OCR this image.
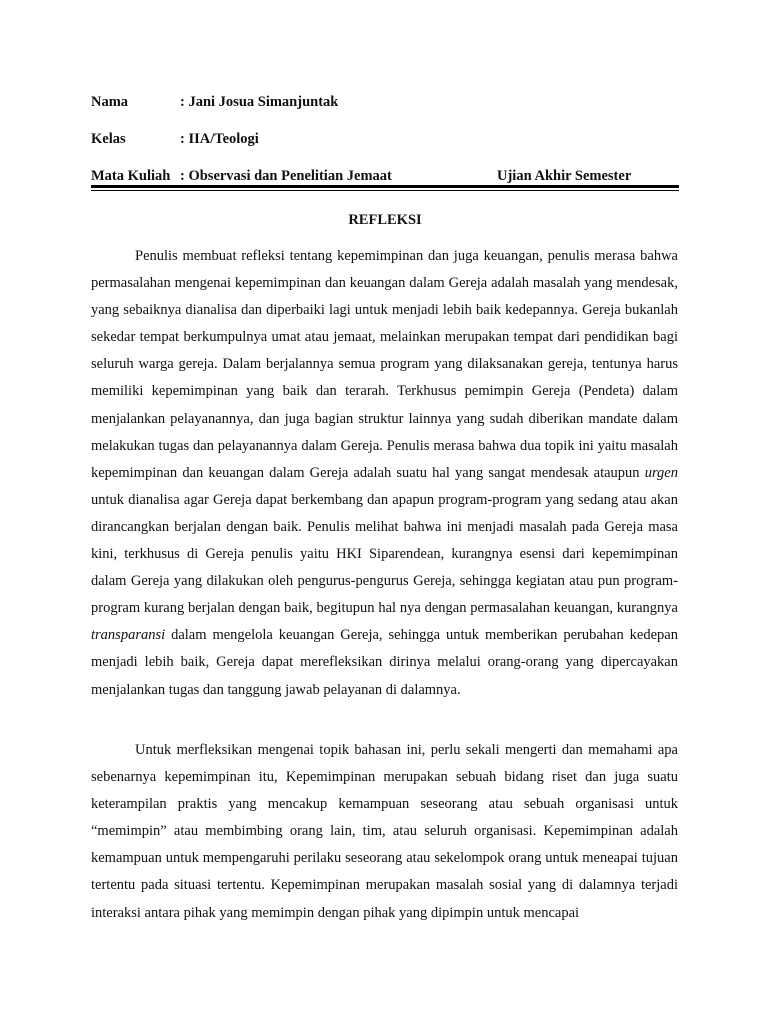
Nama	: Jani Josua Simanjuntak
Kelas	: IIA/Teologi
Mata Kuliah : Observasi dan Penelitian Jemaat	Ujian Akhir Semester
REFLEKSI

Penulis membuat refleksi tentang kepemimpinan dan juga keuangan, penulis merasa bahwa permasalahan mengenai kepemimpinan dan keuangan dalam Gereja adalah masalah yang mendesak, yang sebaiknya dianalisa dan diperbaiki lagi untuk menjadi lebih baik kedepannya. Gereja bukanlah sekedar tempat berkumpulnya umat atau jemaat, melainkan merupakan tempat dari pendidikan bagi seluruh warga gereja. Dalam berjalannya semua program yang dilaksanakan gereja, tentunya harus memiliki kepemimpinan yang baik dan terarah. Terkhusus pemimpin Gereja (Pendeta) dalam menjalankan pelayanannya, dan juga bagian struktur lainnya yang sudah diberikan mandate dalam melakukan tugas dan pelayanannya dalam Gereja. Penulis merasa bahwa dua topik ini yaitu masalah kepemimpinan dan keuangan dalam Gereja adalah suatu hal yang sangat mendesak ataupun urgen untuk dianalisa agar Gereja dapat berkembang dan apapun program-program yang sedang atau akan dirancangkan berjalan dengan baik. Penulis melihat bahwa ini menjadi masalah pada Gereja masa kini, terkhusus di Gereja penulis yaitu HKI Siparendean, kurangnya esensi dari kepemimpinan dalam Gereja yang dilakukan oleh pengurus-pengurus Gereja, sehingga kegiatan atau pun program-program kurang berjalan dengan baik, begitupun hal nya dengan permasalahan keuangan, kurangnya transparansi dalam mengelola keuangan Gereja, sehingga untuk memberikan perubahan kedepan menjadi lebih baik, Gereja dapat merefleksikan dirinya melalui orang-orang yang dipercayakan menjalankan tugas dan tanggung jawab pelayanan di dalamnya.

Untuk merfleksikan mengenai topik bahasan ini, perlu sekali mengerti dan memahami apa sebenarnya kepemimpinan itu, Kepemimpinan merupakan sebuah bidang riset dan juga suatu keterampilan praktis yang mencakup kemampuan seseorang atau sebuah organisasi untuk “memimpin” atau membimbing orang lain, tim, atau seluruh organisasi. Kepemimpinan adalah kemampuan untuk mempengaruhi perilaku seseorang atau sekelompok orang untuk meneapai tujuan tertentu pada situasi tertentu. Kepemimpinan merupakan masalah sosial yang di dalamnya terjadi interaksi antara pihak yang memimpin dengan pihak yang dipimpin untuk mencapai
